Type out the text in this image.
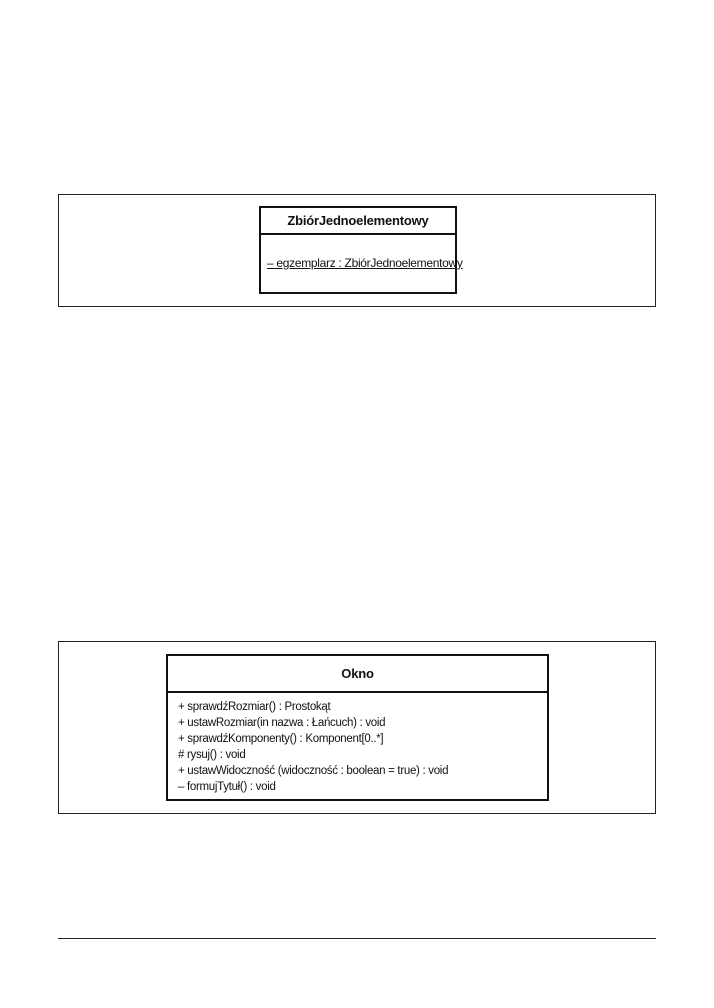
ZbiórJednoelementowy
– egzemplarz : ZbiórJednoelementowy
Okno
+ sprawdźRozmiar() : Prostokąt
+ ustawRozmiar(in nazwa : Łańcuch) : void
+ sprawdźKomponenty() : Komponent[0..*]
# rysuj() : void
+ ustawWidoczność (widoczność : boolean = true) : void
– formujTytuł() : void
